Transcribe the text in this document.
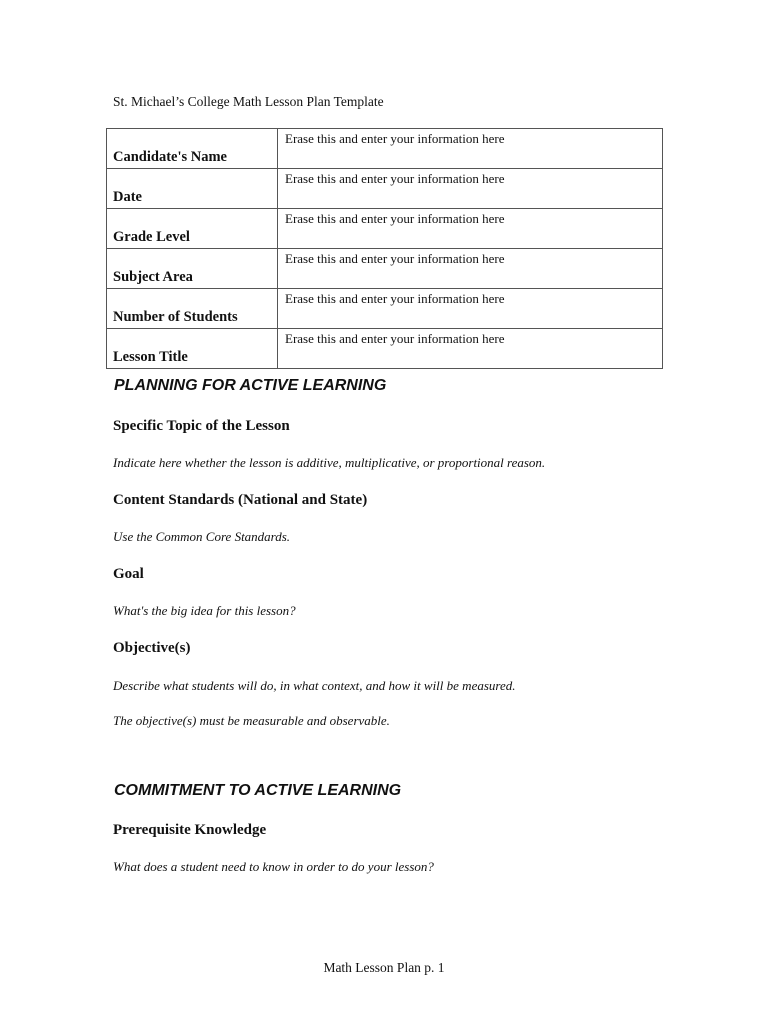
St. Michael’s College Math Lesson Plan Template
Candidate's Name	Erase this and enter your information here
Date	Erase this and enter your information here
Grade Level	Erase this and enter your information here
Subject Area	Erase this and enter your information here
Number of Students	Erase this and enter your information here
Lesson Title	Erase this and enter your information here
PLANNING FOR ACTIVE LEARNING
Specific Topic of the Lesson
Indicate here whether the lesson is additive, multiplicative, or proportional reason.
Content Standards (National and State)
Use the Common Core Standards.
Goal
What's the big idea for this lesson?
Objective(s)
Describe what students will do, in what context, and how it will be measured.
The objective(s) must be measurable and observable.
COMMITMENT TO ACTIVE LEARNING
Prerequisite Knowledge
What does a student need to know in order to do your lesson?
Math Lesson Plan p. 1
